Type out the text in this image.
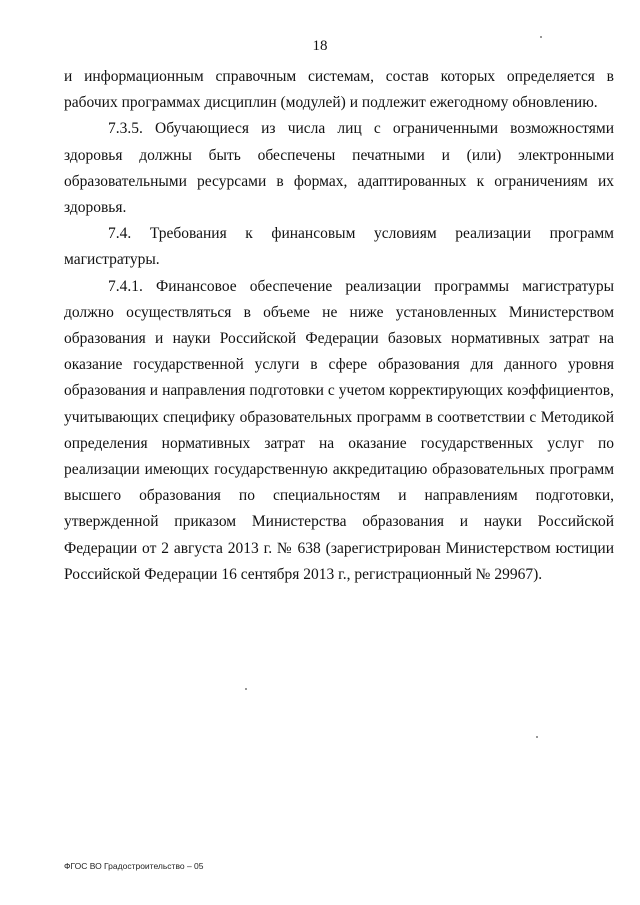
18

и информационным справочным системам, состав которых определяется в рабочих программах дисциплин (модулей) и подлежит ежегодному обновлению.

7.3.5. Обучающиеся из числа лиц с ограниченными возможностями здоровья должны быть обеспечены печатными и (или) электронными образовательными ресурсами в формах, адаптированных к ограничениям их здоровья.

7.4. Требования к финансовым условиям реализации программ магистратуры.

7.4.1. Финансовое обеспечение реализации программы магистратуры должно осуществляться в объеме не ниже установленных Министерством образования и науки Российской Федерации базовых нормативных затрат на оказание государственной услуги в сфере образования для данного уровня образования и направления подготовки с учетом корректирующих коэффициентов, учитывающих специфику образовательных программ в соответствии с Методикой определения нормативных затрат на оказание государственных услуг по реализации имеющих государственную аккредитацию образовательных программ высшего образования по специальностям и направлениям подготовки, утвержденной приказом Министерства образования и науки Российской Федерации от 2 августа 2013 г. № 638 (зарегистрирован Министерством юстиции Российской Федерации 16 сентября 2013 г., регистрационный № 29967).

ФГОС ВО Градостроительство – 05
